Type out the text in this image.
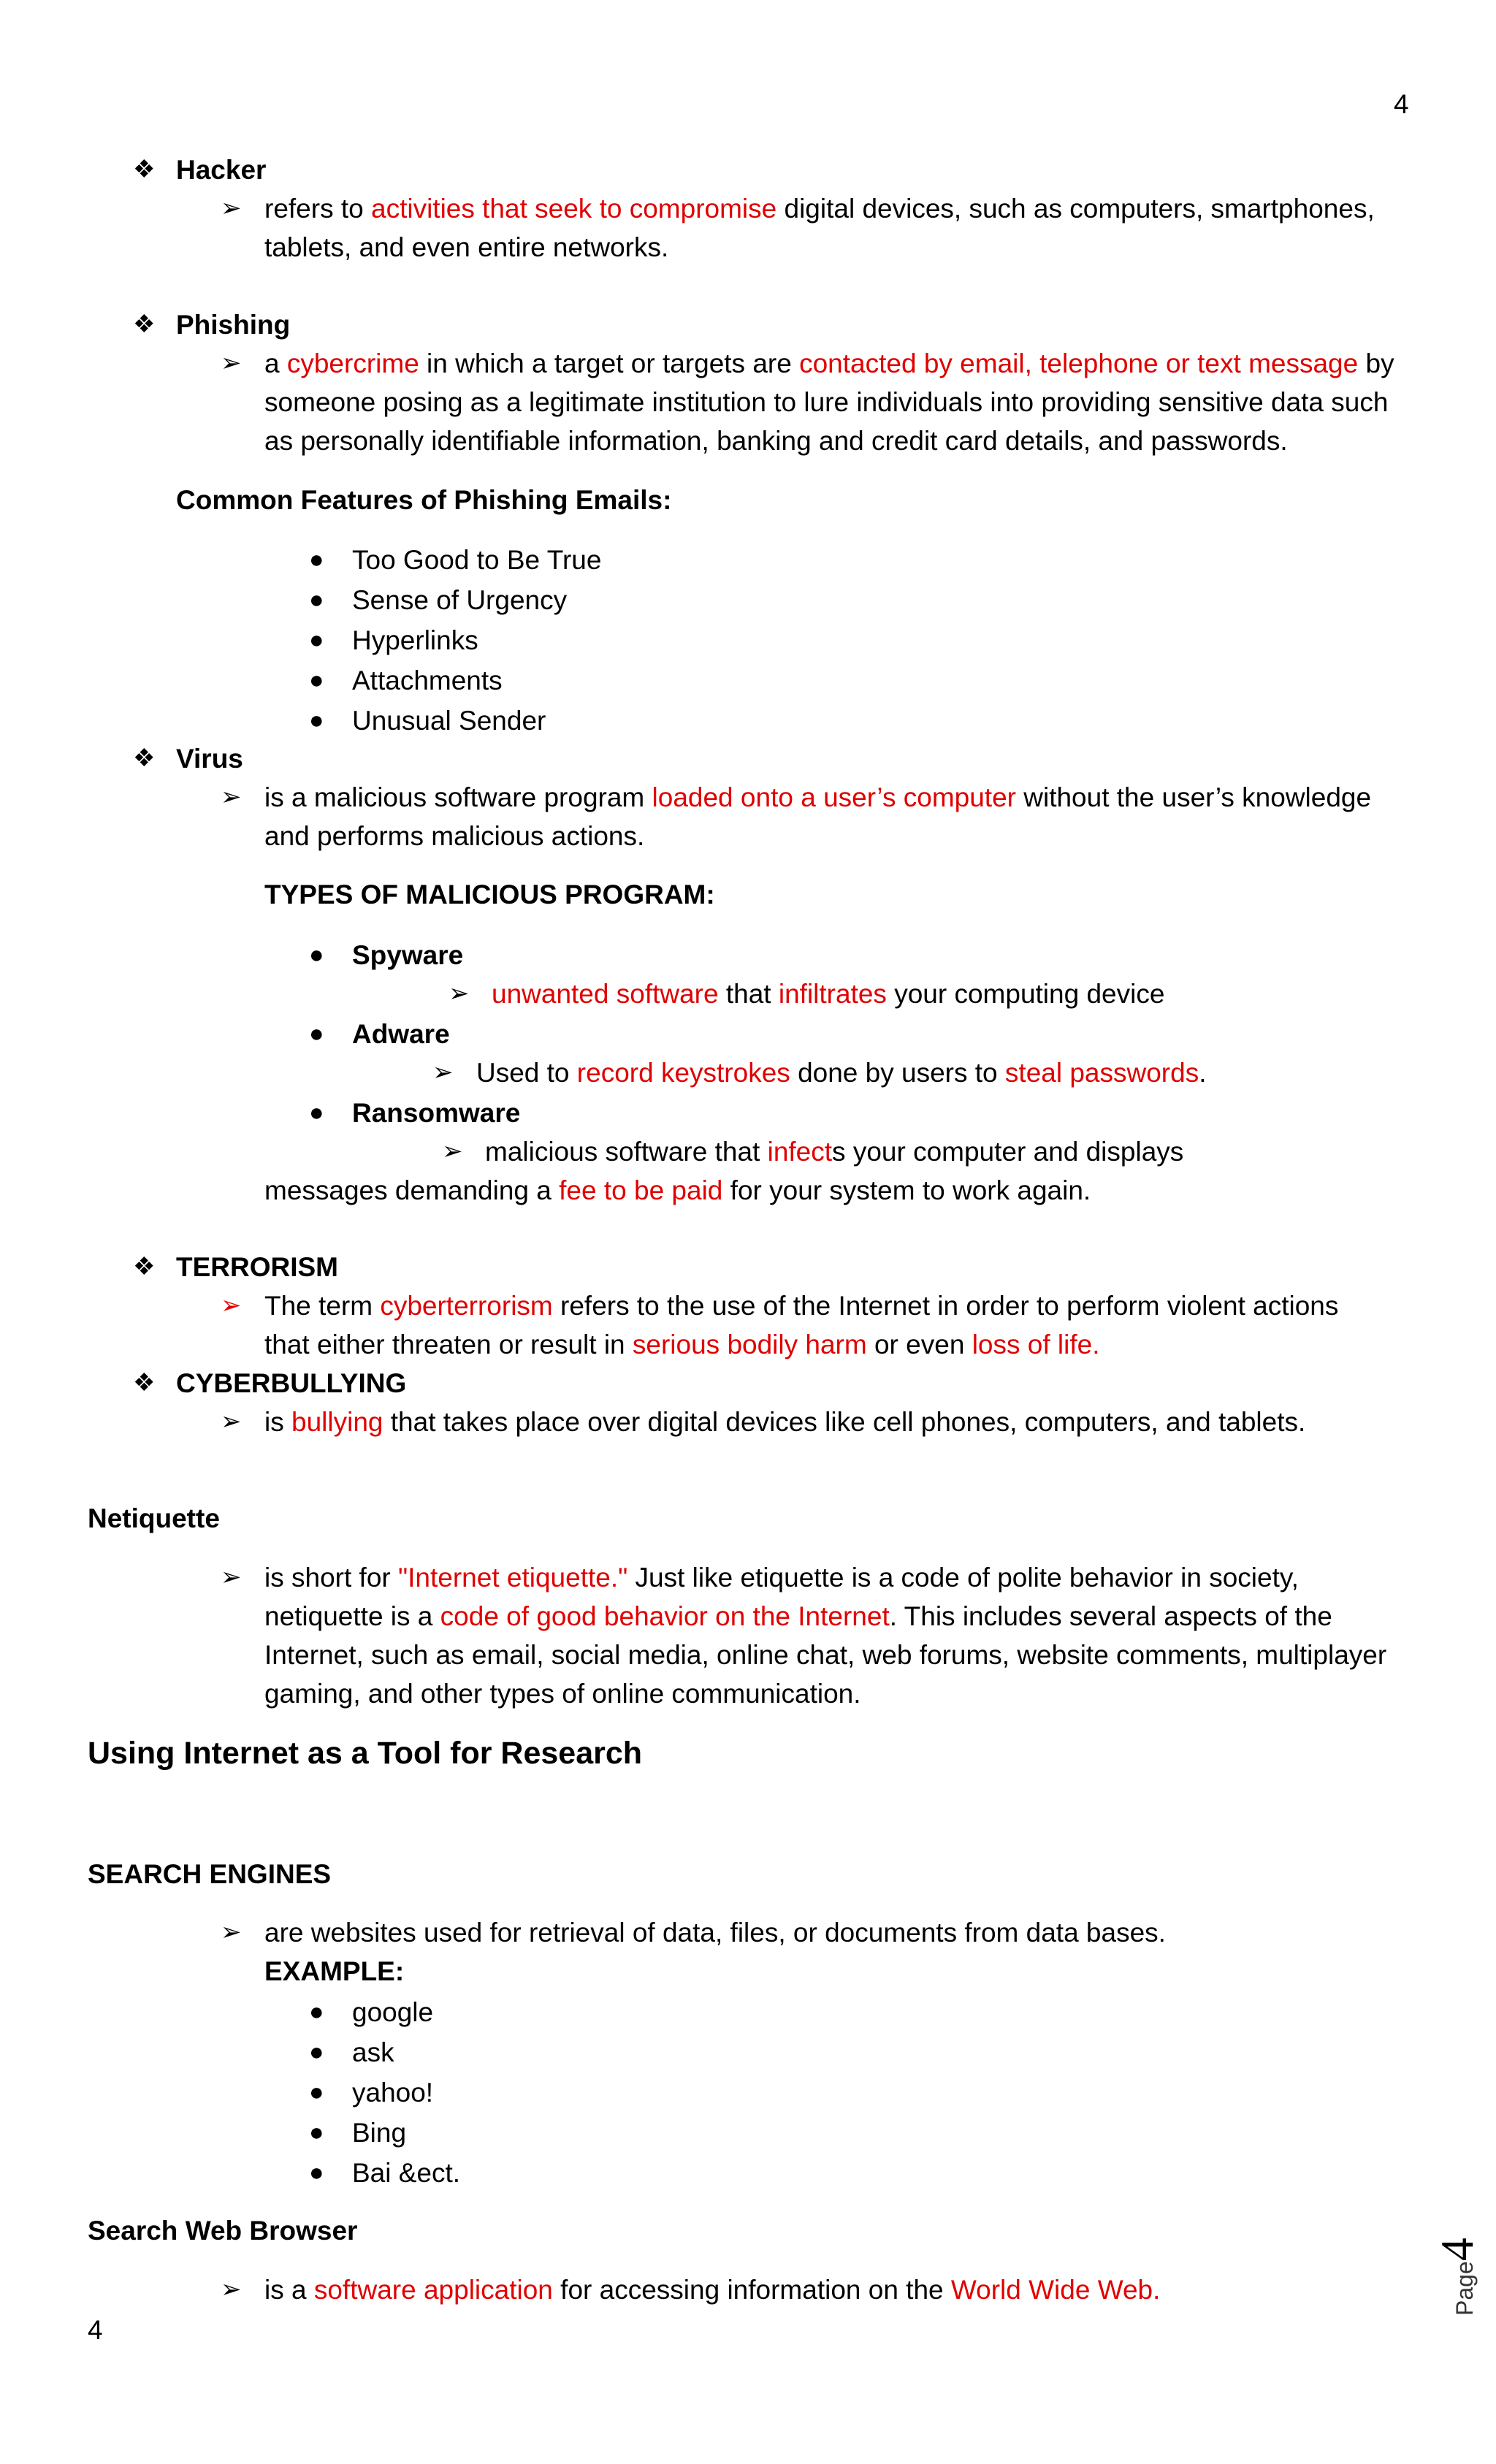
4
❖ Hacker
➢ refers to activities that seek to compromise digital devices, such as computers, smartphones,
tablets, and even entire networks.
❖ Phishing
➢ a cybercrime in which a target or targets are contacted by email, telephone or text message by
someone posing as a legitimate institution to lure individuals into providing sensitive data such
as personally identifiable information, banking and credit card details, and passwords.
Common Features of Phishing Emails:
● Too Good to Be True
● Sense of Urgency
● Hyperlinks
● Attachments
● Unusual Sender
❖ Virus
➢ is a malicious software program loaded onto a user’s computer without the user’s knowledge
and performs malicious actions.
TYPES OF MALICIOUS PROGRAM:
● Spyware
➢ unwanted software that infiltrates your computing device
● Adware
➢ Used to record keystrokes done by users to steal passwords.
● Ransomware
➢ malicious software that infects your computer and displays
messages demanding a fee to be paid for your system to work again.
❖ TERRORISM
➢ The term cyberterrorism refers to the use of the Internet in order to perform violent actions
that either threaten or result in serious bodily harm or even loss of life.
❖ CYBERBULLYING
➢ is bullying that takes place over digital devices like cell phones, computers, and tablets.
Netiquette
➢ is short for "Internet etiquette." Just like etiquette is a code of polite behavior in society,
netiquette is a code of good behavior on the Internet. This includes several aspects of the
Internet, such as email, social media, online chat, web forums, website comments, multiplayer
gaming, and other types of online communication.
Using Internet as a Tool for Research
SEARCH ENGINES
➢ are websites used for retrieval of data, files, or documents from data bases.
EXAMPLE:
● google
● ask
● yahoo!
● Bing
● Bai &ect.
Search Web Browser
➢ is a software application for accessing information on the World Wide Web.
4
Page4
